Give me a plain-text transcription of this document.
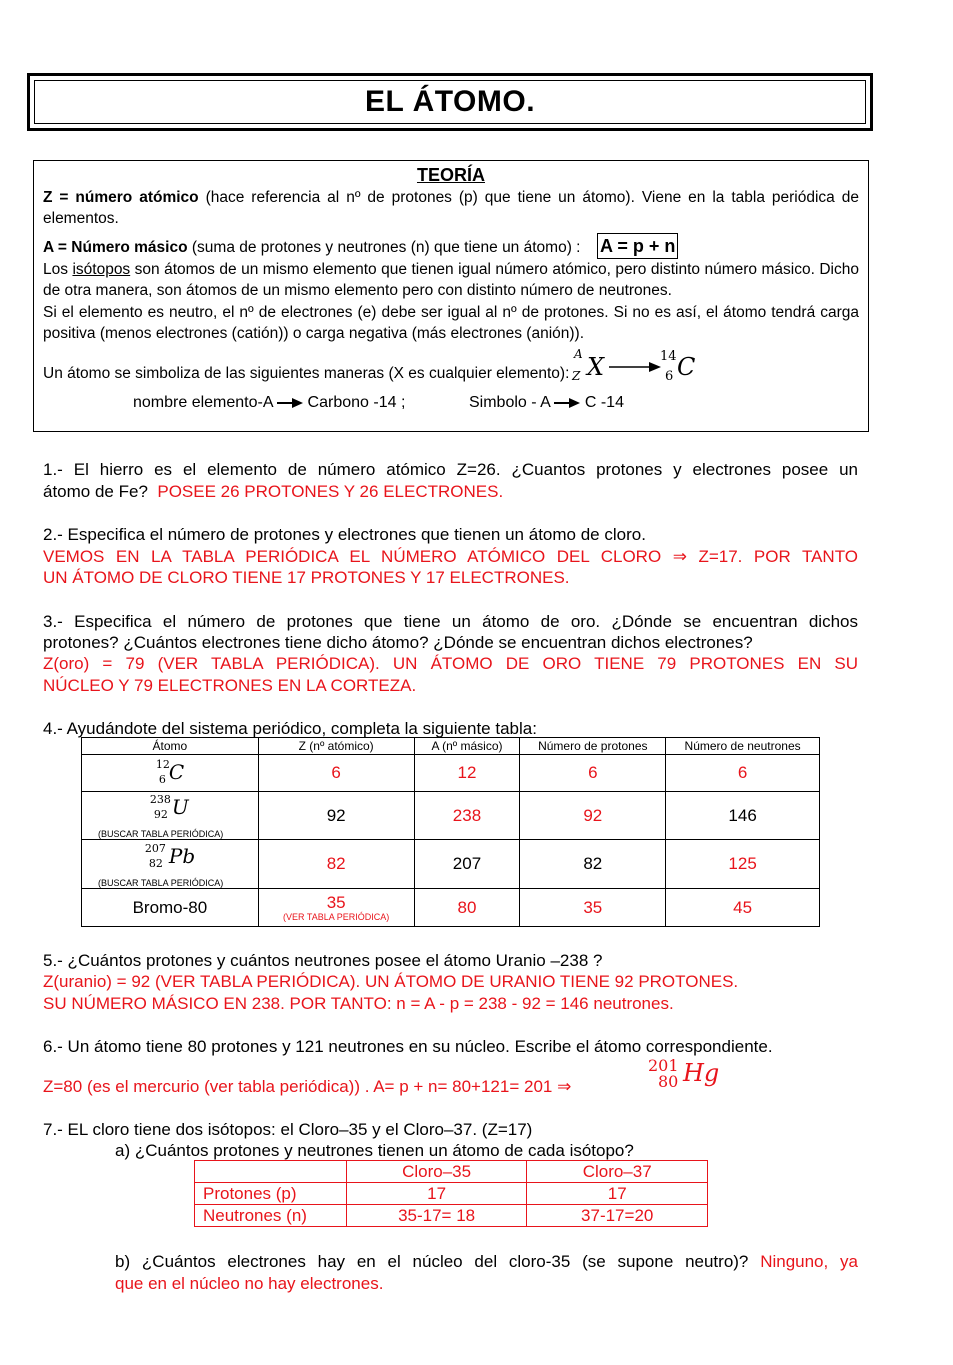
EL ÁTOMO.
TEORÍA
Z = número atómico (hace referencia al nº de protones (p) que tiene un átomo). Viene en la tabla periódica de
elementos.
A = Número másico (suma de protones y neutrones (n) que tiene un átomo) : A = p + n
Los isótopos son átomos de un mismo elemento que tienen igual número atómico, pero distinto número másico. Dicho
de otra manera, son átomos de un mismo elemento pero con distinto número de neutrones.
Si el elemento es neutro, el nº de electrones (e) debe ser igual al nº de protones. Si no es así, el átomo tendrá carga
positiva (menos electrones (catión)) o carga negativa (más electrones (anión)).
Un átomo se simboliza de las siguientes maneras (X es cualquier elemento):
A
Z X	14
6 C
nombre elemento-A Carbono -14 ;	Simbolo - A C -14
1.- El hierro es el elemento de número atómico Z=26. ¿Cuantos protones y electrones posee un
átomo de Fe? POSEE 26 PROTONES Y 26 ELECTRONES.
2.- Especifica el número de protones y electrones que tienen un átomo de cloro.
VEMOS EN LA TABLA PERIÓDICA EL NÚMERO ATÓMICO DEL CLORO ⇒ Z=17. POR TANTO
UN ÁTOMO DE CLORO TIENE 17 PROTONES Y 17 ELECTRONES.
3.- Especifica el número de protones que tiene un átomo de oro. ¿Dónde se encuentran dichos
protones? ¿Cuántos electrones tiene dicho átomo? ¿Dónde se encuentran dichos electrones?
Z(oro) = 79 (VER TABLA PERIÓDICA). UN ÁTOMO DE ORO TIENE 79 PROTONES EN SU
NÚCLEO Y 79 ELECTRONES EN LA CORTEZA.
4.- Ayudándote del sistema periódico, completa la siguiente tabla:
Átomo	Z (nº atómico)	A (nº másico)	Número de protones	Número de neutrones

12
6 C	6	12	6	6

238
92 U
(BUSCAR TABLA PERIÓDICA)	92	238	92	146

207
82 Pb
(BUSCAR TABLA PERIÓDICA)	82	207	82	125
Bromo-80	35
(VER TABLA PERIÓDICA)	80	35	45
5.- ¿Cuántos protones y cuántos neutrones posee el átomo Uranio –238 ?
Z(uranio) = 92 (VER TABLA PERIÓDICA). UN ÁTOMO DE URANIO TIENE 92 PROTONES.
SU NÚMERO MÁSICO EN 238. POR TANTO: n = A - p = 238 - 92 = 146 neutrones.
6.- Un átomo tiene 80 protones y 121 neutrones en su núcleo. Escribe el átomo correspondiente.
Z=80 (es el mercurio (ver tabla periódica)) . A= p + n= 80+121= 201 ⇒
201
80 Hg
7.- EL cloro tiene dos isótopos: el Cloro–35 y el Cloro–37. (Z=17)
a) ¿Cuántos protones y neutrones tienen un átomo de cada isótopo?
	Cloro–35	Cloro–37
Protones (p)	17	17
Neutrones (n)	35-17= 18	37-17=20
b) ¿Cuántos electrones hay en el núcleo del cloro-35 (se supone neutro)? Ninguno, ya
que en el núcleo no hay electrones.
